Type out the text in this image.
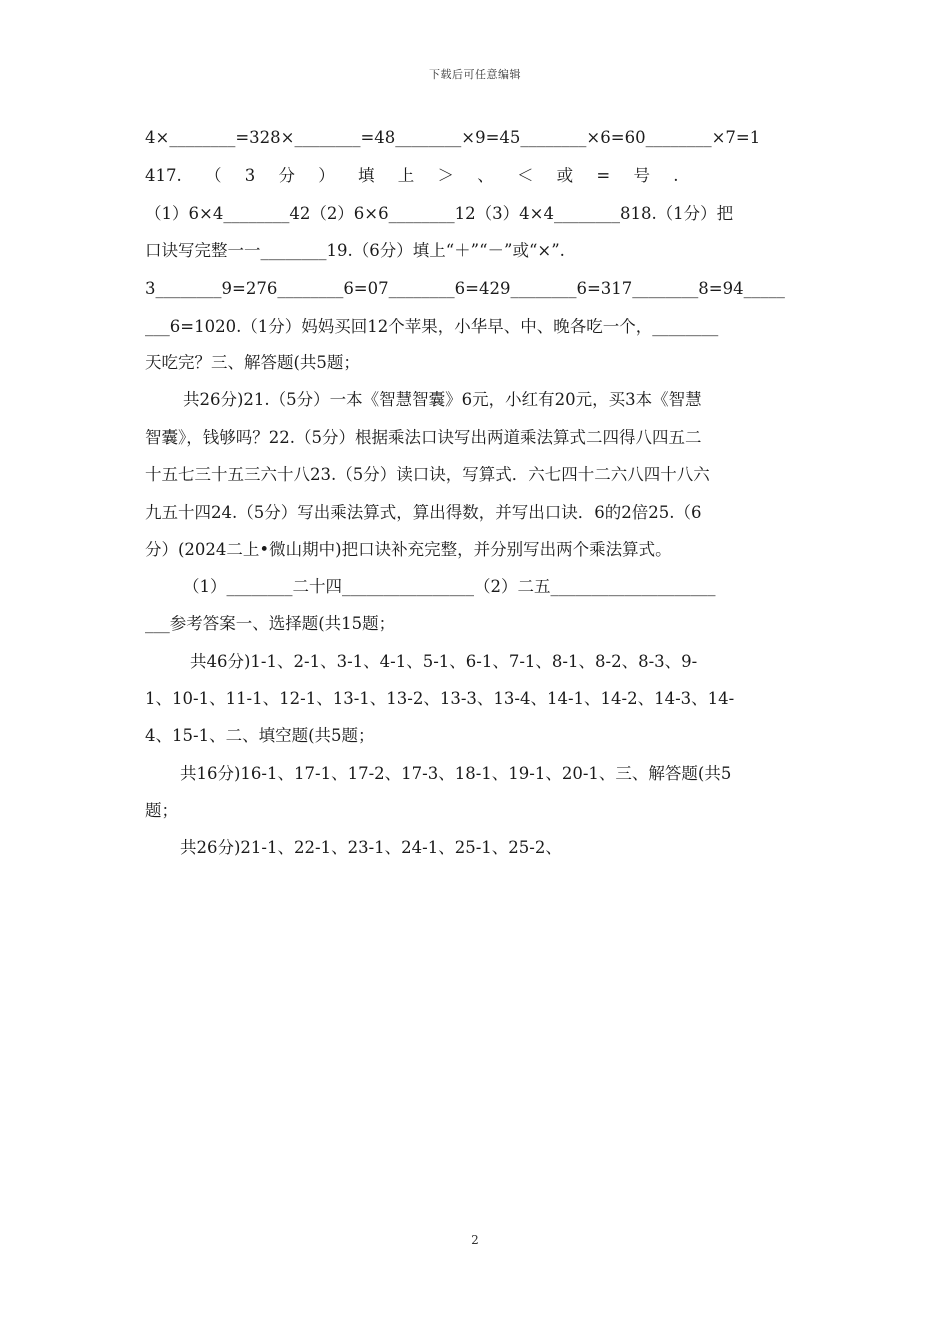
下载后可任意编辑
4×________=328×________=48________×9=45________×6=60________×7=1
417. （ 3 分 ） 填 上 ＞ 、 ＜ 或 = 号 .
（1）6×4________42（2）6×6________12（3）4×4________818.（1分）把
口诀写完整一一________19.（6分）填上“＋”“－”或“×”.
3________9=276________6=07________6=429________6=317________8=94_____
___6=1020.（1分）妈妈买回12个苹果，小华早、中、晚各吃一个，________
天吃完？三、解答题(共5题；
共26分)21.（5分）一本《智慧智囊》6元，小红有20元，买3本《智慧
智囊》，钱够吗？22.（5分）根据乘法口诀写出两道乘法算式二四得八四五二
十五七三十五三六十八23.（5分）读口诀，写算式．六七四十二六八四十八六
九五十四24.（5分）写出乘法算式，算出得数，并写出口诀．6的2倍25.（6
分）(2024二上•微山期中)把口诀补充完整，并分别写出两个乘法算式。
（1）________二十四________________（2）二五____________________
___参考答案一、选择题(共15题；
共46分)1-1、2-1、3-1、4-1、5-1、6-1、7-1、8-1、8-2、8-3、9-
1、10-1、11-1、12-1、13-1、13-2、13-3、13-4、14-1、14-2、14-3、14-
4、15-1、二、填空题(共5题；
共16分)16-1、17-1、17-2、17-3、18-1、19-1、20-1、三、解答题(共5
题；
共26分)21-1、22-1、23-1、24-1、25-1、25-2、
2
